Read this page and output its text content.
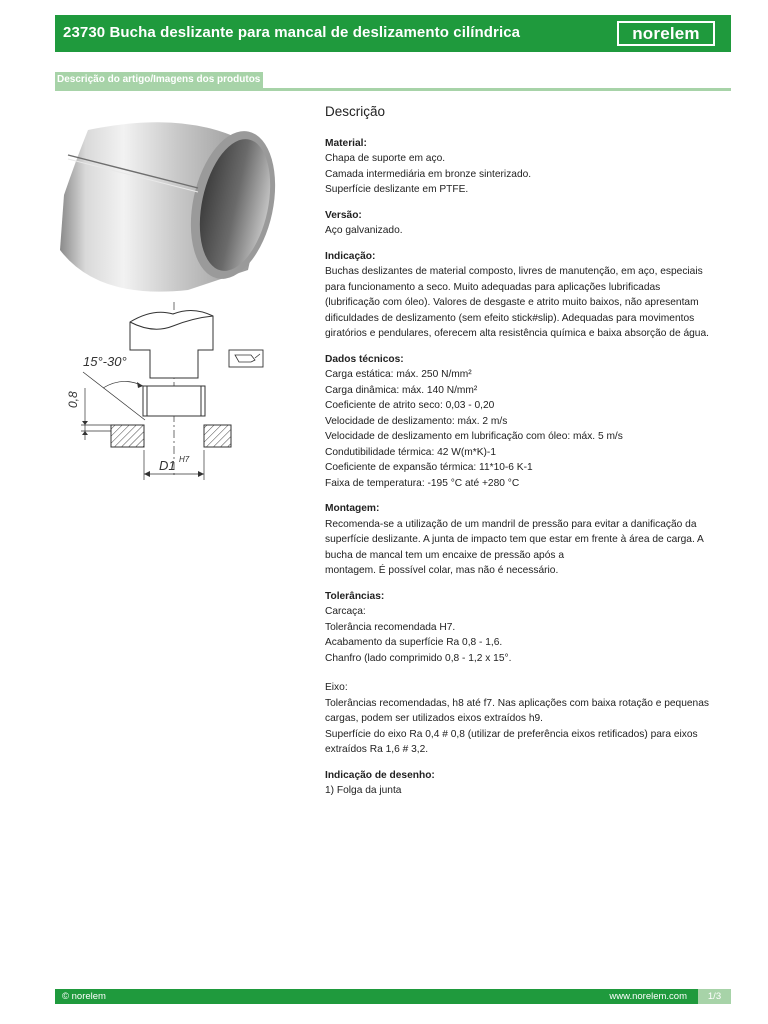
23730 Bucha deslizante para mancal de deslizamento cilíndrica	norelem
Descrição do artigo/Imagens dos produtos
0,8
15°-30°
D1 H7
Descrição
Material:
Chapa de suporte em aço.
Camada intermediária em bronze sinterizado.
Superfície deslizante em PTFE.
Versão:
Aço galvanizado.
Indicação:
Buchas deslizantes de material composto, livres de manutenção, em aço, especiais
para funcionamento a seco. Muito adequadas para aplicações lubrificadas
(lubrificação com óleo). Valores de desgaste e atrito muito baixos, não apresentam
dificuldades de deslizamento (sem efeito stick#slip). Adequadas para movimentos
giratórios e pendulares, oferecem alta resistência química e baixa absorção de água.
Dados técnicos:
Carga estática: máx. 250 N/mm²
Carga dinâmica: máx. 140 N/mm²
Coeficiente de atrito seco: 0,03 - 0,20
Velocidade de deslizamento: máx. 2 m/s
Velocidade de deslizamento em lubrificação com óleo: máx. 5 m/s
Condutibilidade térmica: 42 W(m*K)-1
Coeficiente de expansão térmica: 11*10-6 K-1
Faixa de temperatura: -195 °C até +280 °C
Montagem:
Recomenda-se a utilização de um mandril de pressão para evitar a danificação da
superfície deslizante. A junta de impacto tem que estar em frente à área de carga. A
bucha de mancal tem um encaixe de pressão após a
montagem. É possível colar, mas não é necessário.
Tolerâncias:
Carcaça:
Tolerância recomendada H7.
Acabamento da superfície Ra 0,8 - 1,6.
Chanfro (lado comprimido 0,8 - 1,2 x 15°.
Eixo:
Tolerâncias recomendadas, h8 até f7. Nas aplicações com baixa rotação e pequenas
cargas, podem ser utilizados eixos extraídos h9.
Superfície do eixo Ra 0,4 # 0,8 (utilizar de preferência eixos retificados) para eixos
extraídos Ra 1,6 # 3,2.
Indicação de desenho:
1) Folga da junta
© norelem	www.norelem.com	1/3
